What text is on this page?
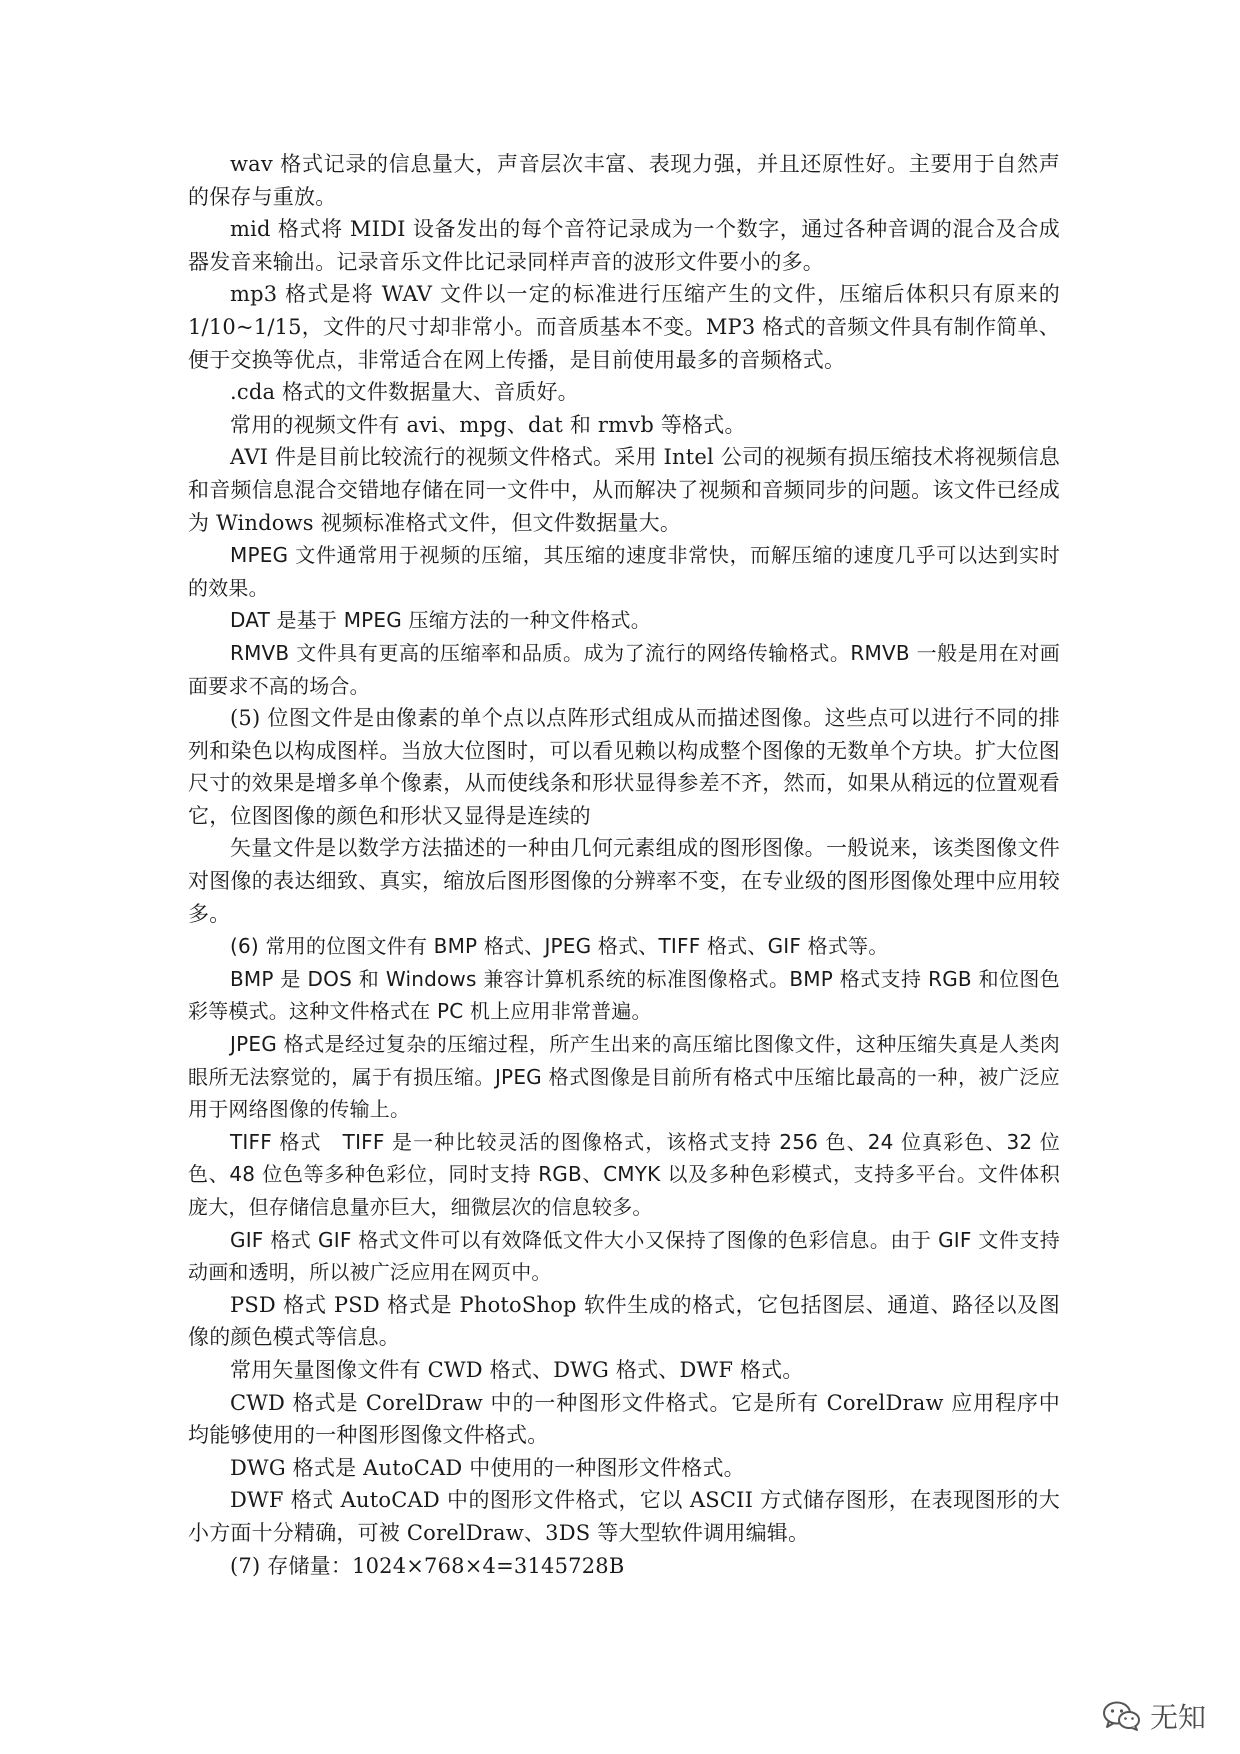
wav 格式记录的信息量大，声音层次丰富、表现力强，并且还原性好。主要用于自然声的保存与重放。

mid 格式将 MIDI 设备发出的每个音符记录成为一个数字，通过各种音调的混合及合成器发音来输出。记录音乐文件比记录同样声音的波形文件要小的多。

mp3 格式是将 WAV 文件以一定的标准进行压缩产生的文件，压缩后体积只有原来的 1/10~1/15，文件的尺寸却非常小。而音质基本不变。MP3 格式的音频文件具有制作简单、便于交换等优点，非常适合在网上传播，是目前使用最多的音频格式。

.cda 格式的文件数据量大、音质好。

常用的视频文件有 avi、mpg、dat 和 rmvb 等格式。

AVI 件是目前比较流行的视频文件格式。采用 Intel 公司的视频有损压缩技术将视频信息和音频信息混合交错地存储在同一文件中，从而解决了视频和音频同步的问题。该文件已经成为 Windows 视频标准格式文件，但文件数据量大。

MPEG 文件通常用于视频的压缩，其压缩的速度非常快，而解压缩的速度几乎可以达到实时的效果。

DAT 是基于 MPEG 压缩方法的一种文件格式。

RMVB 文件具有更高的压缩率和品质。成为了流行的网络传输格式。RMVB 一般是用在对画面要求不高的场合。

(5) 位图文件是由像素的单个点以点阵形式组成从而描述图像。这些点可以进行不同的排列和染色以构成图样。当放大位图时，可以看见赖以构成整个图像的无数单个方块。扩大位图尺寸的效果是增多单个像素，从而使线条和形状显得参差不齐，然而，如果从稍远的位置观看它，位图图像的颜色和形状又显得是连续的

矢量文件是以数学方法描述的一种由几何元素组成的图形图像。一般说来，该类图像文件对图像的表达细致、真实，缩放后图形图像的分辨率不变，在专业级的图形图像处理中应用较多。

(6) 常用的位图文件有 BMP 格式、JPEG 格式、TIFF 格式、GIF 格式等。

BMP 是 DOS 和 Windows 兼容计算机系统的标准图像格式。BMP 格式支持 RGB 和位图色彩等模式。这种文件格式在 PC 机上应用非常普遍。

JPEG 格式是经过复杂的压缩过程，所产生出来的高压缩比图像文件，这种压缩失真是人类肉眼所无法察觉的，属于有损压缩。JPEG 格式图像是目前所有格式中压缩比最高的一种，被广泛应用于网络图像的传输上。

TIFF 格式　TIFF 是一种比较灵活的图像格式，该格式支持 256 色、24 位真彩色、32 位色、48 位色等多种色彩位，同时支持 RGB、CMYK 以及多种色彩模式，支持多平台。文件体积庞大，但存储信息量亦巨大，细微层次的信息较多。

GIF 格式 GIF 格式文件可以有效降低文件大小又保持了图像的色彩信息。由于 GIF 文件支持动画和透明，所以被广泛应用在网页中。

PSD 格式 PSD 格式是 PhotoShop 软件生成的格式，它包括图层、通道、路径以及图像的颜色模式等信息。

常用矢量图像文件有 CWD 格式、DWG 格式、DWF 格式。

CWD 格式是 CorelDraw 中的一种图形文件格式。它是所有 CorelDraw 应用程序中均能够使用的一种图形图像文件格式。

DWG 格式是 AutoCAD 中使用的一种图形文件格式。

DWF 格式 AutoCAD 中的图形文件格式，它以 ASCII 方式储存图形，在表现图形的大小方面十分精确，可被 CorelDraw、3DS 等大型软件调用编辑。

(7) 存储量：1024×768×4=3145728B

无知
